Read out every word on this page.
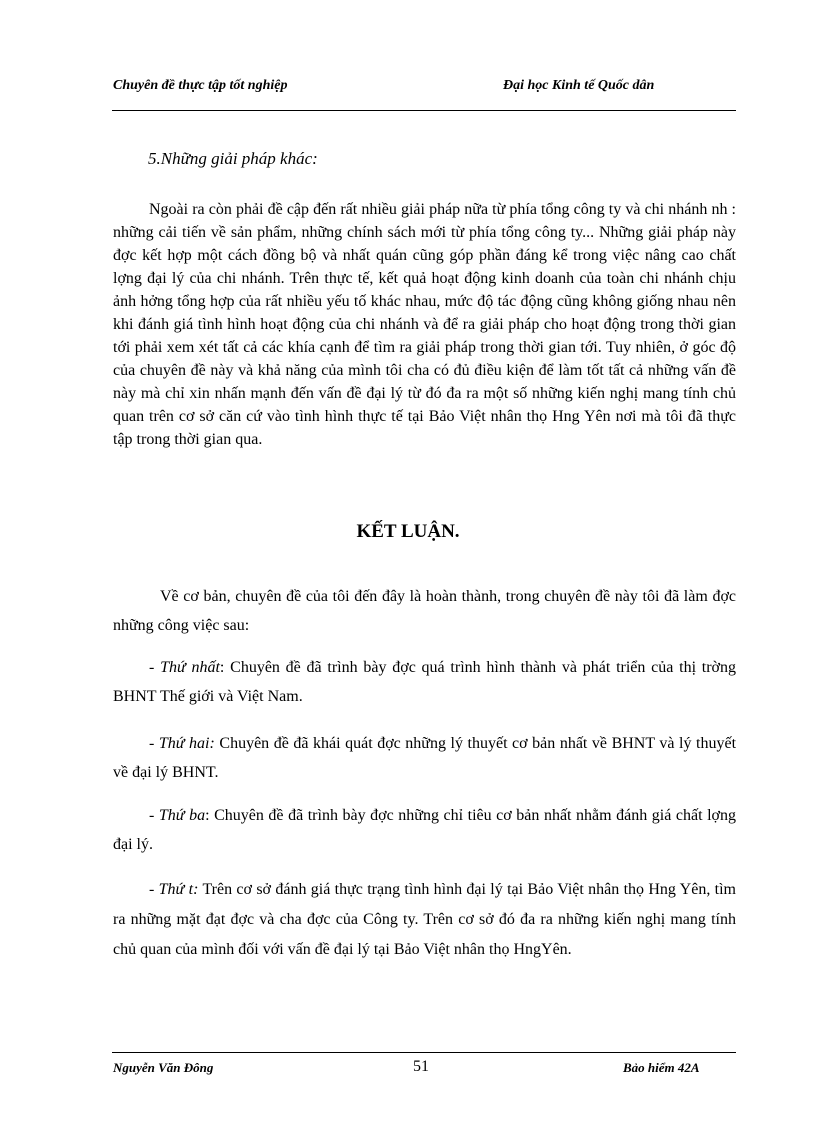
Chuyên đề thực tập tốt nghiệp	Đại học Kinh tế Quốc dân
5.Những giải pháp khác:

Ngoài ra còn phải đề cập đến rất nhiều giải pháp nữa từ phía tổng công ty và chi nhánh nh : những cải tiến về sản phẩm, những chính sách mới từ phía tổng công ty... Những giải pháp này đợc kết hợp một cách đồng bộ và nhất quán cũng góp phần đáng kể trong việc nâng cao chất lợng đại lý của chi nhánh. Trên thực tế, kết quả hoạt động kinh doanh của toàn chi nhánh chịu ảnh hởng tổng hợp của rất nhiều yếu tố khác nhau, mức độ tác động cũng không giống nhau nên khi đánh giá tình hình hoạt động của chi nhánh và để ra giải pháp cho hoạt động trong thời gian tới phải xem xét tất cả các khía cạnh để tìm ra giải pháp trong thời gian tới. Tuy nhiên, ở góc độ của chuyên đề này và khả năng của mình tôi cha có đủ điều kiện để làm tốt tất cả những vấn đề này mà chỉ xin nhấn mạnh đến vấn đề đại lý từ đó đa ra một số những kiến nghị mang tính chủ quan trên cơ sở căn cứ vào tình hình thực tế tại Bảo Việt nhân thọ Hng Yên nơi mà tôi đã thực tập trong thời gian qua.

KẾT LUẬN.

Về cơ bản, chuyên đề của tôi đến đây là hoàn thành, trong chuyên đề này tôi đã làm đợc những công việc sau:

- Thứ nhất: Chuyên đề đã trình bày đợc quá trình hình thành và phát triển của thị trờng BHNT Thế giới và Việt Nam.

- Thứ hai: Chuyên đề đã khái quát đợc những lý thuyết cơ bản nhất về BHNT và lý thuyết về đại lý BHNT.

- Thứ ba: Chuyên đề đã trình bày đợc những chỉ tiêu cơ bản nhất nhằm đánh giá chất lợng đại lý.

- Thứ t: Trên cơ sở đánh giá thực trạng tình hình đại lý tại Bảo Việt nhân thọ Hng Yên, tìm ra những mặt đạt đợc và cha đợc của Công ty. Trên cơ sở đó đa ra những kiến nghị mang tính chủ quan của mình đối với vấn đề đại lý tại Bảo Việt nhân thọ HngYên.

Nguyễn Văn Đông	51	Bảo hiểm 42A
